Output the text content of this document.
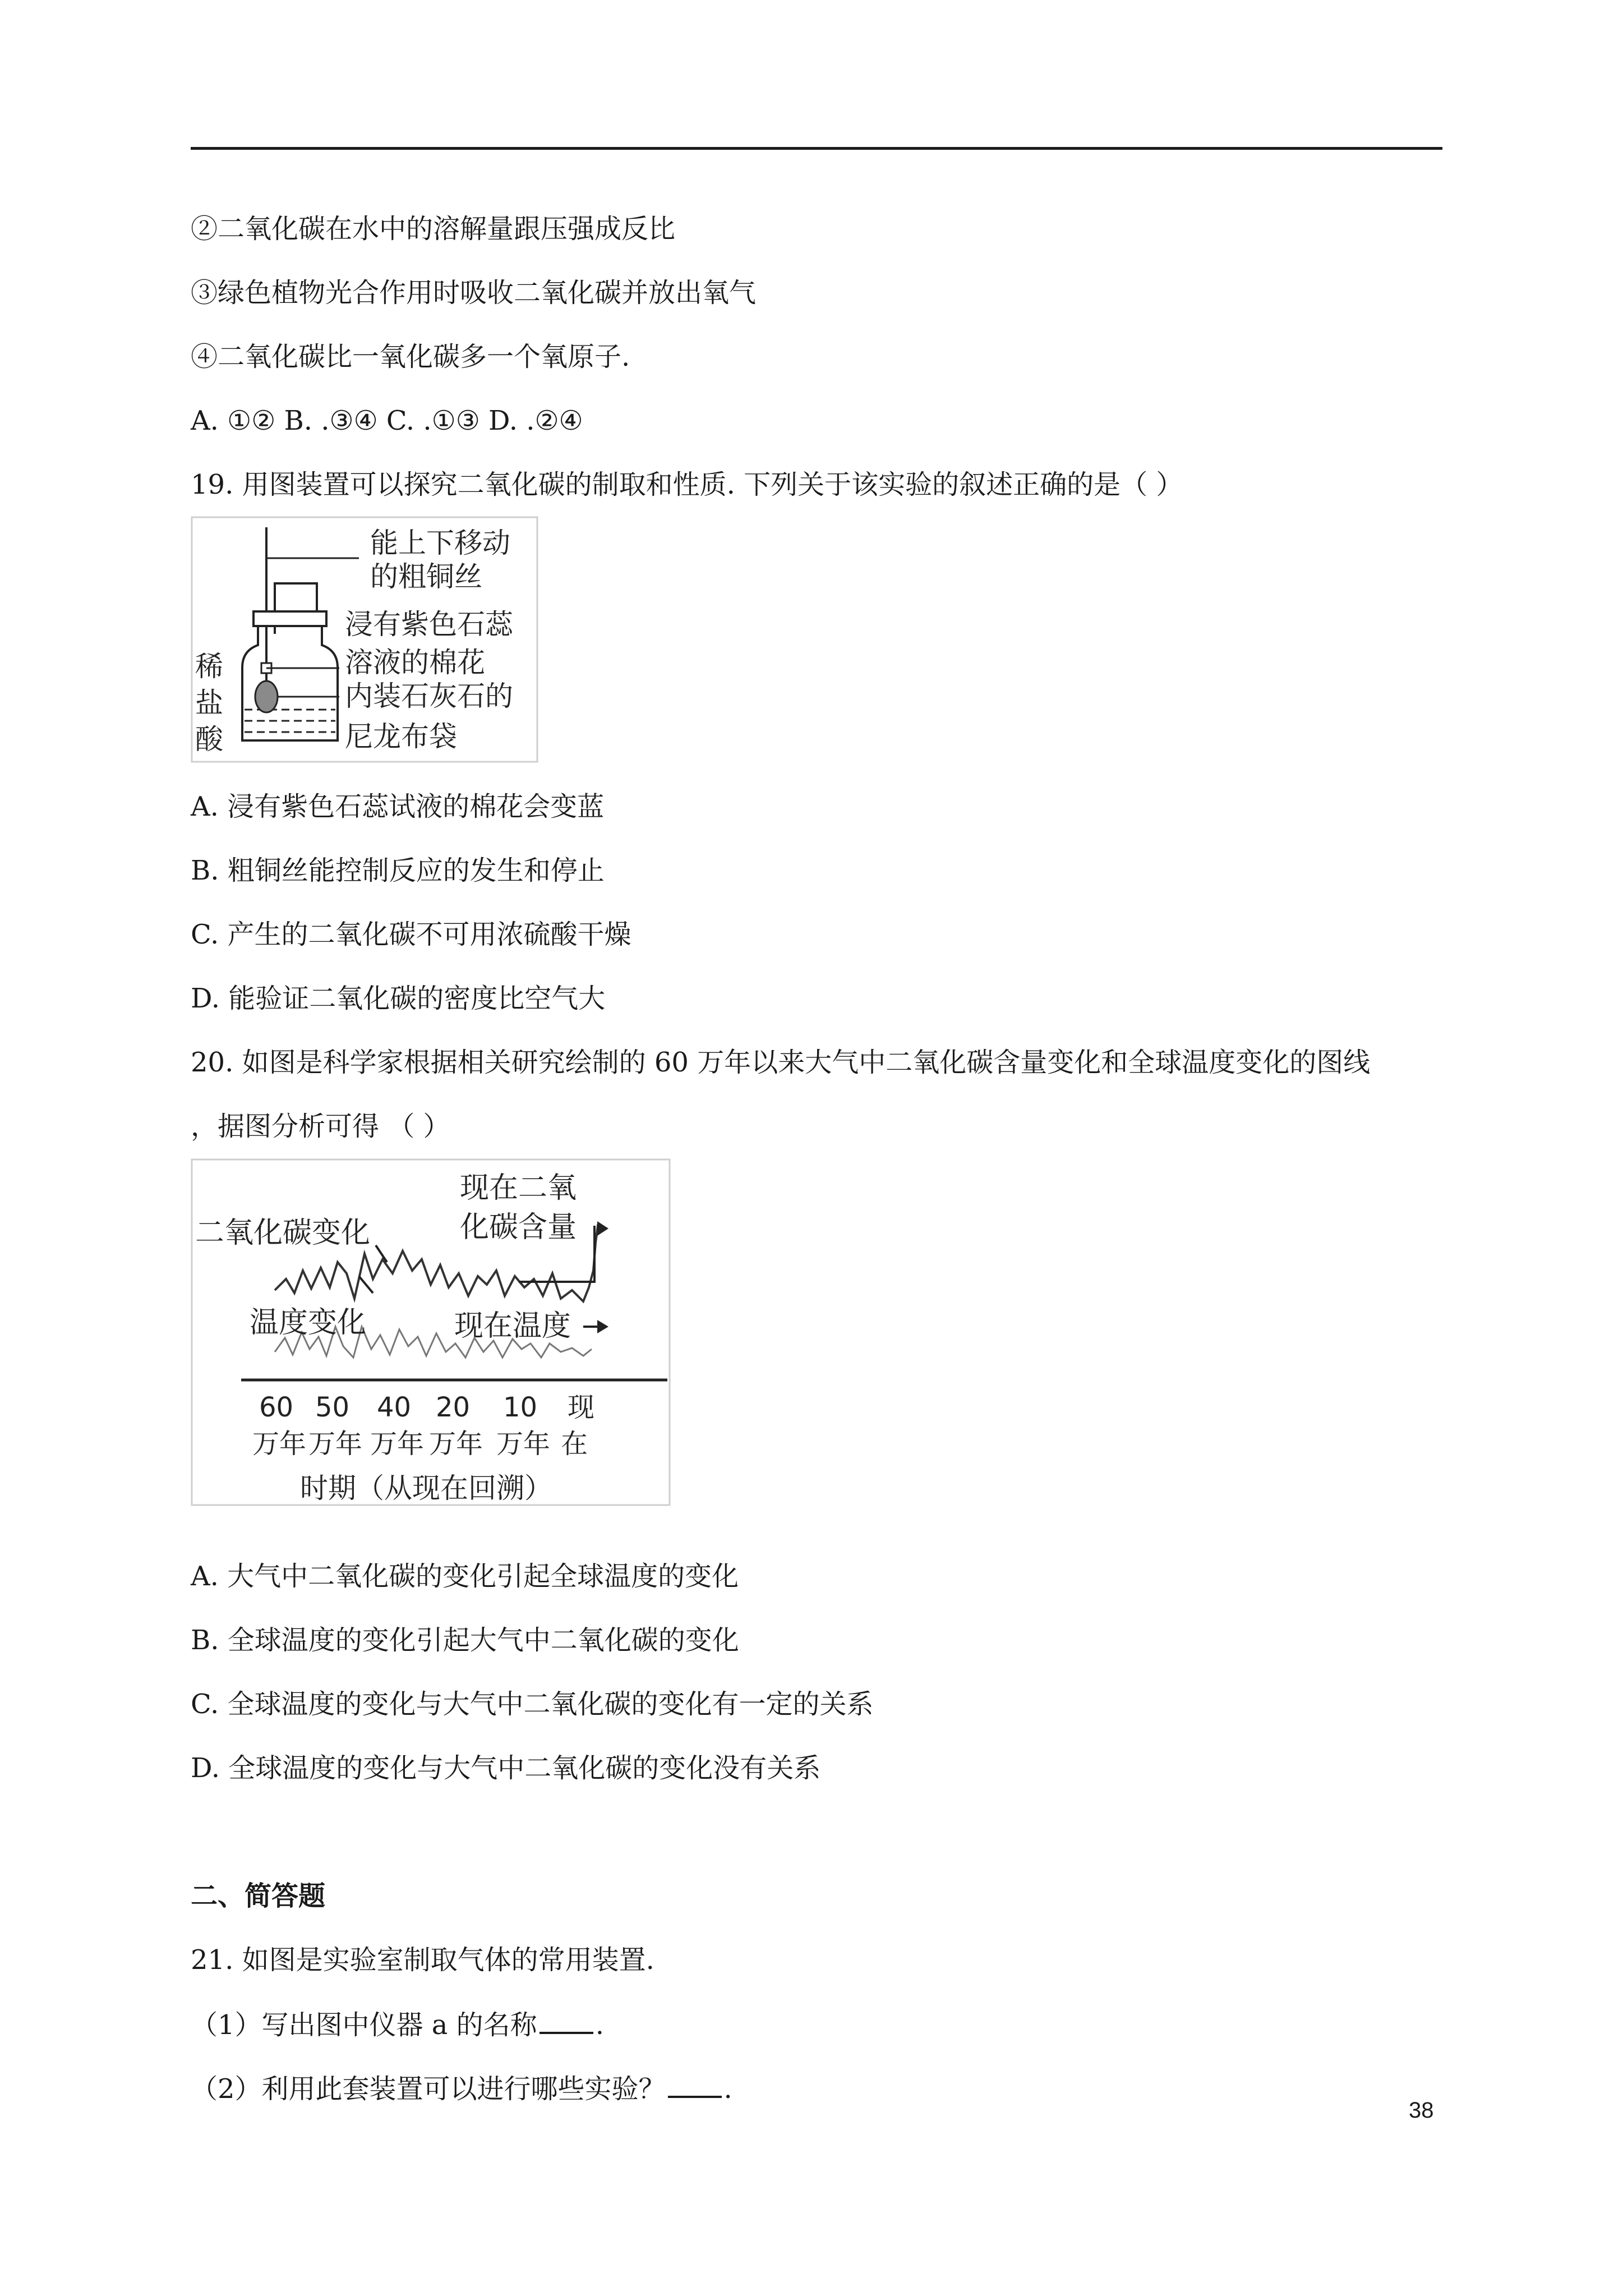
②二氧化碳在水中的溶解量跟压强成反比
③绿色植物光合作用时吸收二氧化碳并放出氧气
④二氧化碳比一氧化碳多一个氧原子.
A. ①② B. .③④ C. .①③ D. .②④
19. 用图装置可以探究二氧化碳的制取和性质. 下列关于该实验的叙述正确的是（ ）
能上下移动
的粗铜丝
浸有紫色石蕊
溶液的棉花
内装石灰石的
尼龙布袋
稀
盐
酸
A. 浸有紫色石蕊试液的棉花会变蓝
B. 粗铜丝能控制反应的发生和停止
C. 产生的二氧化碳不可用浓硫酸干燥
D. 能验证二氧化碳的密度比空气大
20. 如图是科学家根据相关研究绘制的 60 万年以来大气中二氧化碳含量变化和全球温度变化的图线
，据图分析可得 （ ）
二氧化碳变化
温度变化
现在二氧
化碳含量
现在温度
60
万年
50
万年
40
万年
20
万年
10
万年
现
在
时期（从现在回溯）
A. 大气中二氧化碳的变化引起全球温度的变化
B. 全球温度的变化引起大气中二氧化碳的变化
C. 全球温度的变化与大气中二氧化碳的变化有一定的关系
D. 全球温度的变化与大气中二氧化碳的变化没有关系
二、简答题
21. 如图是实验室制取气体的常用装置.
（1）写出图中仪器 a 的名称 .
（2）利用此套装置可以进行哪些实验？ .
38
